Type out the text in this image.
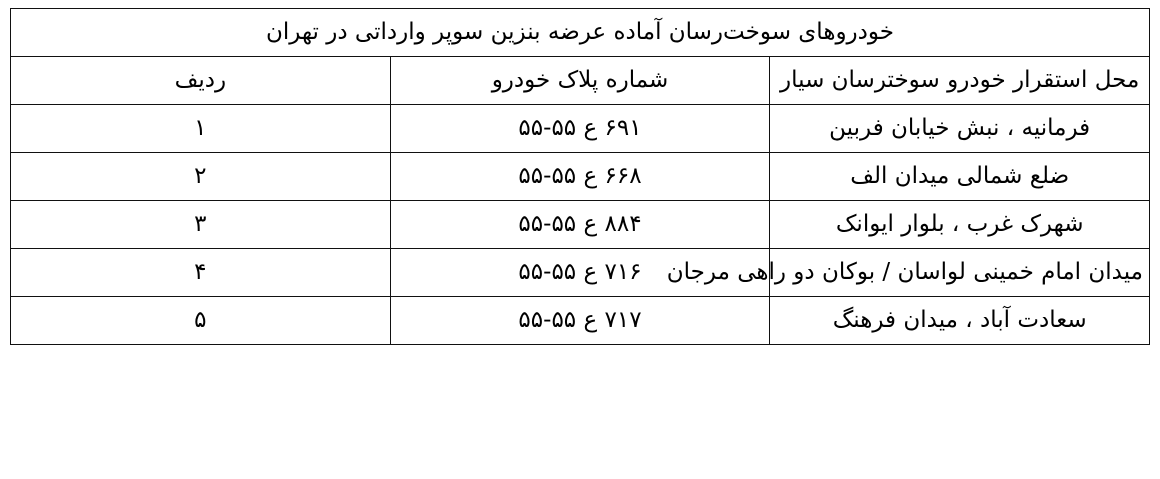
خودروهای سوخت‌رسان آماده عرضه بنزین سوپر وارداتی در تهران		
محل استقرار خودرو سوخترسان سیار	شماره پلاک خودرو	ردیف
فرمانیه ، نبش خیابان فربین	۶۹۱ ع ۵۵-۵۵	۱
ضلع شمالی میدان الف	۶۶۸ ع ۵۵-۵۵	۲
شهرک غرب ، بلوار ایوانک	۸۸۴ ع ۵۵-۵۵	۳
میدان امام خمینی لواسان / بوکان دو راهی مرجان	۷۱۶ ع ۵۵-۵۵	۴
سعادت آباد ، میدان فرهنگ	۷۱۷ ع ۵۵-۵۵	۵
